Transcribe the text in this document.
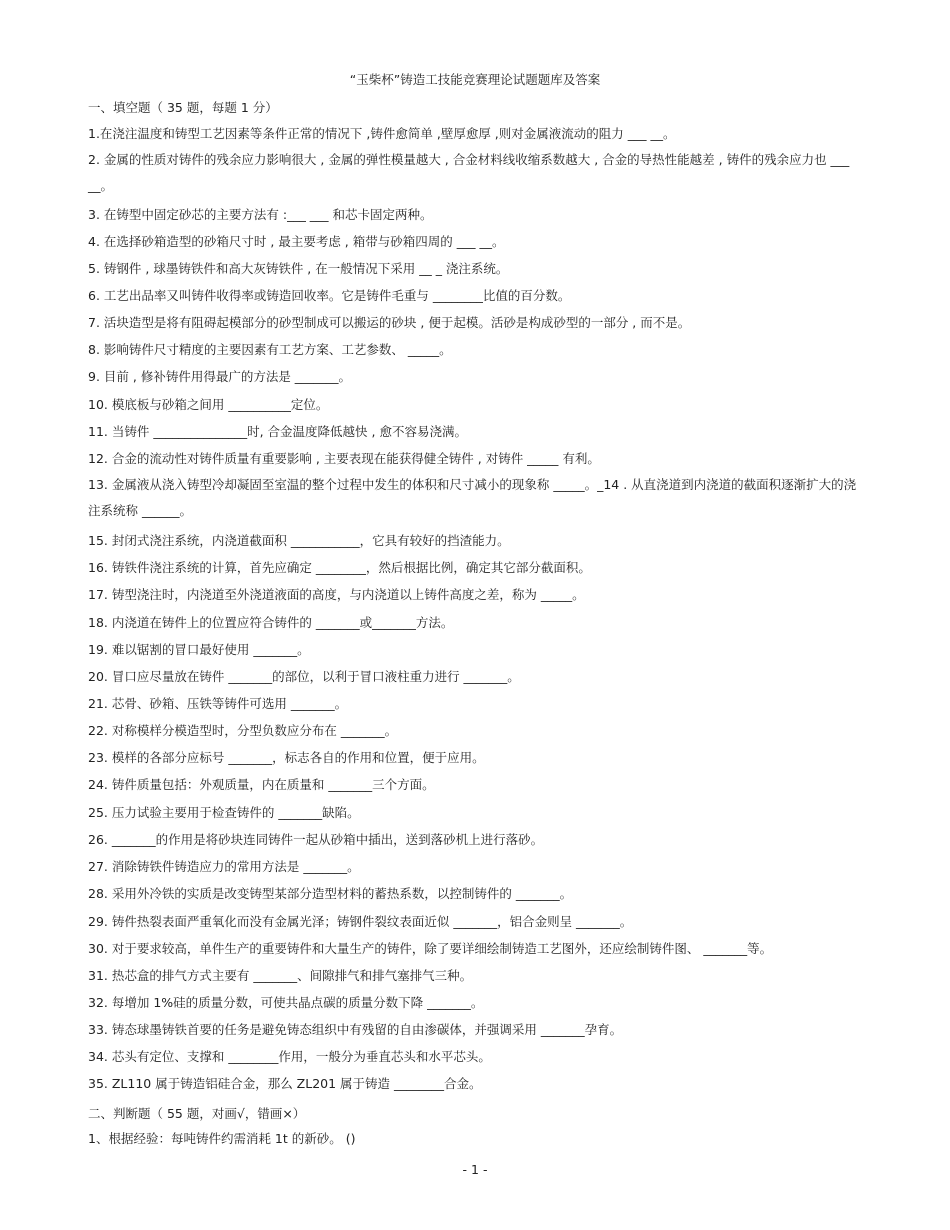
“玉柴杯”铸造工技能竞赛理论试题题库及答案
一、填空题（ 35 题，每题 1 分）
1.在浇注温度和铸型工艺因素等条件正常的情况下 ,铸件愈简单 ,壁厚愈厚 ,则对金属液流动的阻力 ___ __。
2. 金属的性质对铸件的残余应力影响很大 , 金属的弹性模量越大 , 合金材料线收缩系数越大 , 合金的导热性能越差 , 铸件的残余应力也 ___ __。
3. 在铸型中固定砂芯的主要方法有 :___ ___ 和芯卡固定两种。
4. 在选择砂箱造型的砂箱尺寸时 , 最主要考虑 , 箱带与砂箱四周的 ___ __。
5. 铸钢件 , 球墨铸铁件和高大灰铸铁件 , 在一般情况下采用 __ _ 浇注系统。
6. 工艺出品率又叫铸件收得率或铸造回收率。它是铸件毛重与 ________比值的百分数。
7. 活块造型是将有阻碍起模部分的砂型制成可以搬运的砂块 , 便于起模。活砂是构成砂型的一部分 , 而不是。
8. 影响铸件尺寸精度的主要因素有工艺方案、工艺参数、 _____。
9. 目前 , 修补铸件用得最广的方法是 _______。
10. 模底板与砂箱之间用 __________定位。
11. 当铸件 _______________时, 合金温度降低越快 , 愈不容易浇满。
12. 合金的流动性对铸件质量有重要影响 , 主要表现在能获得健全铸件 , 对铸件 _____ 有利。
13. 金属液从浇入铸型冷却凝固至室温的整个过程中发生的体积和尺寸减小的现象称 _____。_14 . 从直浇道到内浇道的截面积逐渐扩大的浇注系统称 ______。
15. 封闭式浇注系统，内浇道截面积 ___________，它具有较好的挡渣能力。
16. 铸铁件浇注系统的计算，首先应确定 ________，然后根据比例，确定其它部分截面积。
17. 铸型浇注时，内浇道至外浇道液面的高度，与内浇道以上铸件高度之差，称为 _____。
18. 内浇道在铸件上的位置应符合铸件的 _______或_______方法。
19. 难以锯割的冒口最好使用 _______。
20. 冒口应尽量放在铸件 _______的部位，以利于冒口液柱重力进行 _______。
21. 芯骨、砂箱、压铁等铸件可选用 _______。
22. 对称模样分模造型时，分型负数应分布在 _______。
23. 模样的各部分应标号 _______，标志各自的作用和位置，便于应用。
24. 铸件质量包括：外观质量，内在质量和 _______三个方面。
25. 压力试验主要用于检查铸件的 _______缺陷。
26. _______的作用是将砂块连同铸件一起从砂箱中插出，送到落砂机上进行落砂。
27. 消除铸铁件铸造应力的常用方法是 _______。
28. 采用外冷铁的实质是改变铸型某部分造型材料的蓄热系数，以控制铸件的 _______。
29. 铸件热裂表面严重氧化而没有金属光泽；铸钢件裂纹表面近似 _______，铝合金则呈 _______。
30. 对于要求较高，单件生产的重要铸件和大量生产的铸件，除了要详细绘制铸造工艺图外，还应绘制铸件图、 _______等。
31. 热芯盒的排气方式主要有 _______、间隙排气和排气塞排气三种。
32. 每增加 1%硅的质量分数，可使共晶点碳的质量分数下降 _______。
33. 铸态球墨铸铁首要的任务是避免铸态组织中有残留的自由渗碳体，并强调采用 _______孕育。
34. 芯头有定位、支撑和 ________作用，一般分为垂直芯头和水平芯头。
35. ZL110 属于铸造铝硅合金，那么 ZL201 属于铸造 ________合金。
二、判断题（ 55 题，对画√，错画×）
1、根据经验：每吨铸件约需消耗 1t 的新砂。 ()
- 1 -
